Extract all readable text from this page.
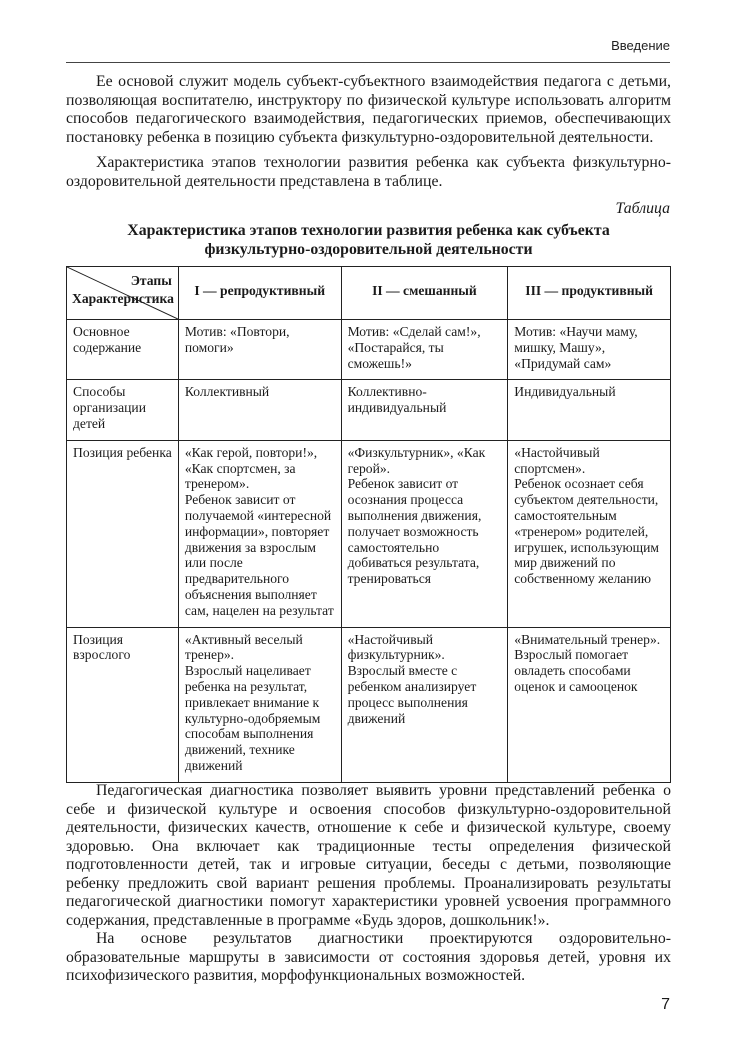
Введение

Ее основой служит модель субъект-субъектного взаимодействия педагога с детьми, позволяющая воспитателю, инструктору по физической культуре использовать алгоритм способов педагогического взаимодействия, педагогических приемов, обеспечивающих постановку ребенка в позицию субъекта физкультурно-оздоровительной деятельности.

Характеристика этапов технологии развития ребенка как субъекта физкультурно-оздоровительной деятельности представлена в таблице.

Таблица
Характеристика этапов технологии развития ребенка как субъекта
физкультурно-оздоровительной деятельности
Этапы
Характеристика	I — репродуктивный	II — смешанный	III — продуктивный
Основное содержание	Мотив: «Повтори, помоги»	Мотив: «Сделай сам!», «Постарайся, ты сможешь!»	Мотив: «Научи маму, мишку, Машу», «Придумай сам»

Способы организации детей	Коллективный	Коллективно-индивидуальный	Индивидуальный

Позиция ребенка	«Как герой, повтори!», «Как спортсмен, за тренером».
Ребенок зависит от получаемой «интересной информации», повторяет движения за взрослым или после предварительного объяснения выполняет сам, нацелен на результат	«Физкультурник», «Как герой».
Ребенок зависит от осознания процесса выполнения движения, получает возможность самостоятельно добиваться результата, тренироваться	«Настойчивый спортсмен».
Ребенок осознает себя субъектом деятельности, самостоятельным «тренером» родителей, игрушек, использующим мир движений по собственному желанию

Позиция взрослого	«Активный веселый тренер».
Взрослый нацеливает ребенка на результат, привлекает внимание к культурно-одобряемым способам выполнения движений, технике движений	«Настойчивый физкультурник».
Взрослый вместе с ребенком анализирует процесс выполнения движений	«Внимательный тренер».
Взрослый помогает овладеть способами оценок и самооценок

Педагогическая диагностика позволяет выявить уровни представлений ребенка о себе и физической культуре и освоения способов физкультурно-оздоровительной деятельности, физических качеств, отношение к себе и физической культуре, своему здоровью. Она включает как традиционные тесты определения физической подготовленности детей, так и игровые ситуации, беседы с детьми, позволяющие ребенку предложить свой вариант решения проблемы. Проанализировать результаты педагогической диагностики помогут характеристики уровней усвоения программного содержания, представленные в программе «Будь здоров, дошкольник!».

На основе результатов диагностики проектируются оздоровительно-образовательные маршруты в зависимости от состояния здоровья детей, уровня их психофизического развития, морфофункциональных возможностей.

7
